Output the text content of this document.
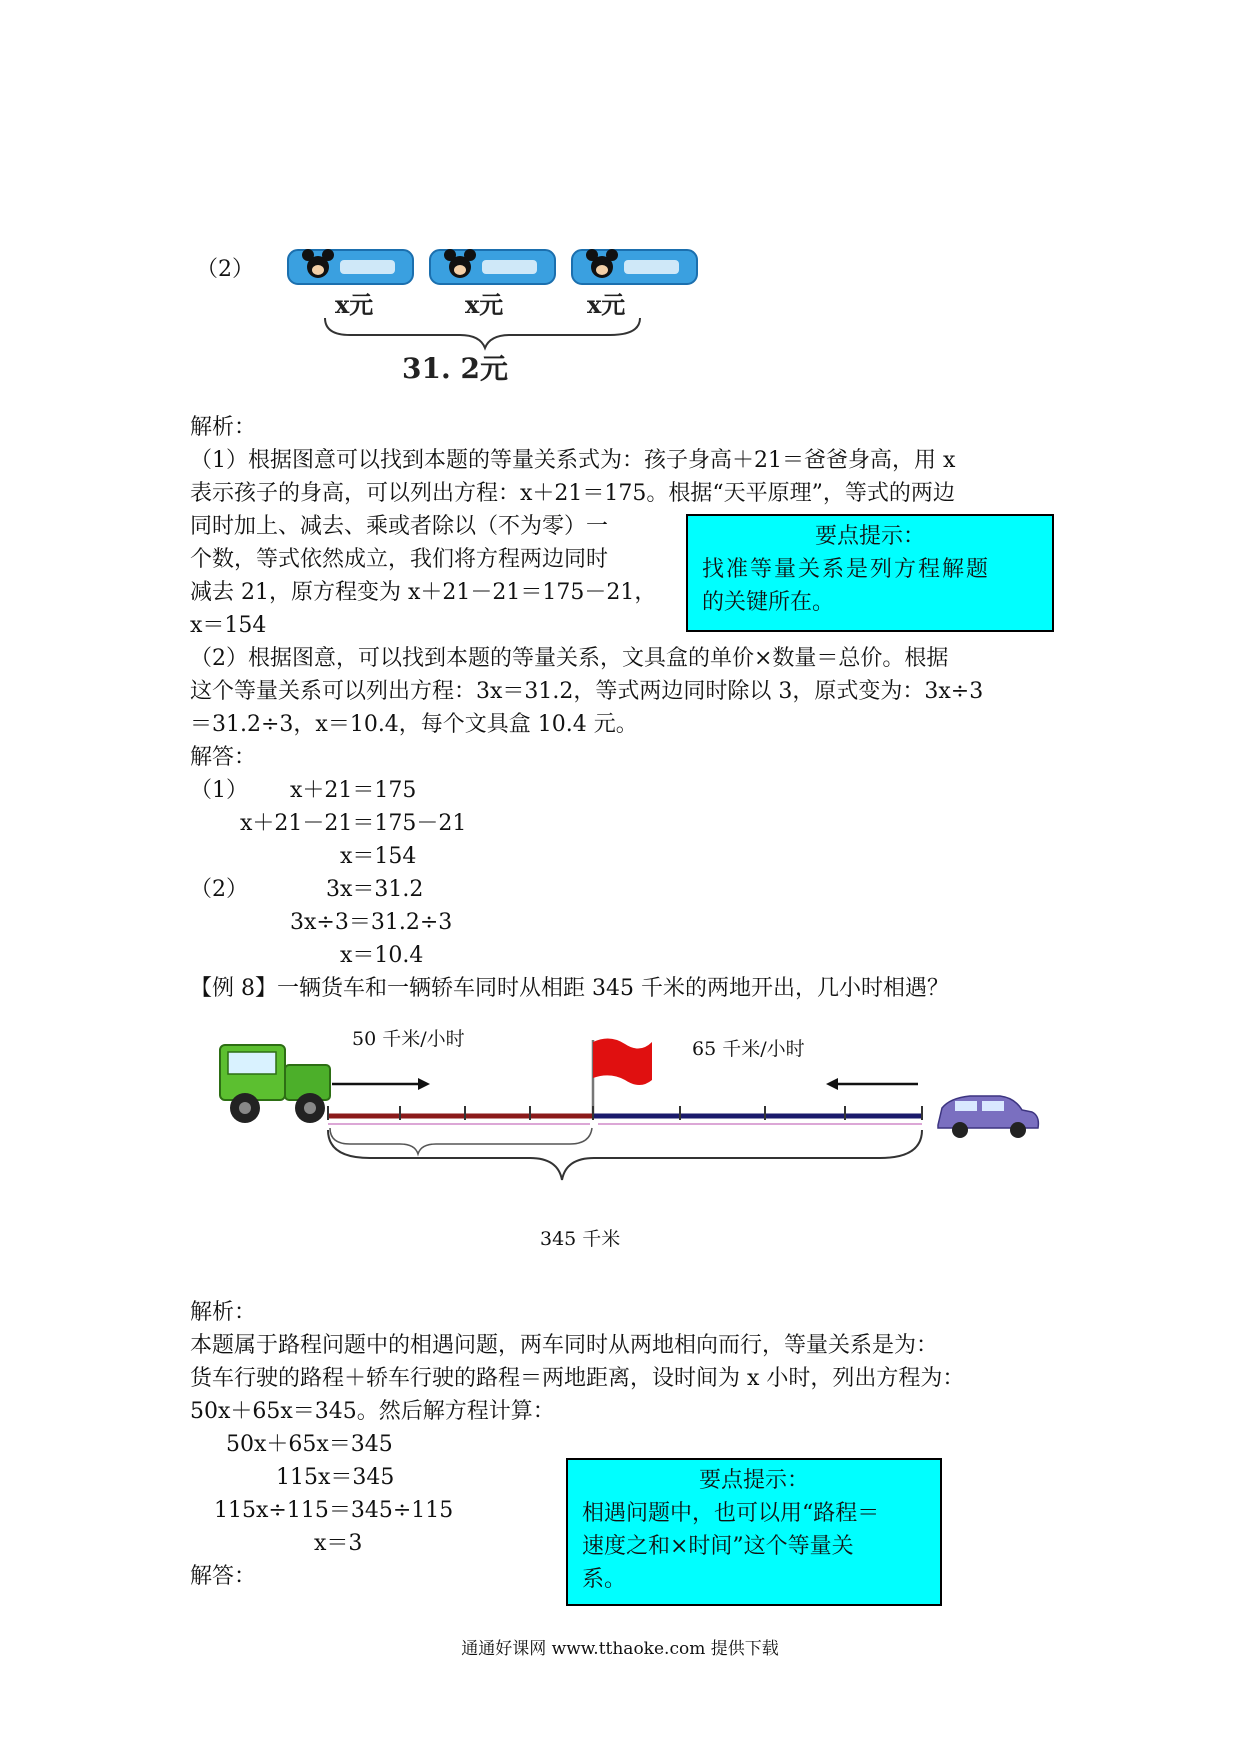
（2）
x元	x元	x元
31. 2元
解析：
（1）根据图意可以找到本题的等量关系式为：孩子身高＋21＝爸爸身高，用 x
表示孩子的身高，可以列出方程：x＋21＝175。根据“天平原理”，等式的两边
同时加上、减去、乘或者除以（不为零）一
个数，等式依然成立，我们将方程两边同时
减去 21，原方程变为 x＋21－21＝175－21，
x＝154
（2）根据图意，可以找到本题的等量关系，文具盒的单价×数量＝总价。根据
这个等量关系可以列出方程：3x＝31.2，等式两边同时除以 3，原式变为：3x÷3
＝31.2÷3，x＝10.4，每个文具盒 10.4 元。
要点提示：
找准等量关系是列方程解题
的关键所在。
解答：
（1） x＋21＝175
x＋21－21＝175－21
x＝154
（2）	3x＝31.2
3x÷3＝31.2÷3
x＝10.4
【例 8】一辆货车和一辆轿车同时从相距 345 千米的两地开出，几小时相遇？
50 千米/小时	65 千米/小时
345 千米
解析：
本题属于路程问题中的相遇问题，两车同时从两地相向而行，等量关系是为：
货车行驶的路程＋轿车行驶的路程＝两地距离，设时间为 x 小时，列出方程为：
50x＋65x＝345。然后解方程计算：
50x＋65x＝345
115x＝345
115x÷115＝345÷115
x＝3
解答：
要点提示：
相遇问题中，也可以用“路程＝
速度之和×时间”这个等量关
系。
通通好课网 www.tthaoke.com 提供下载
